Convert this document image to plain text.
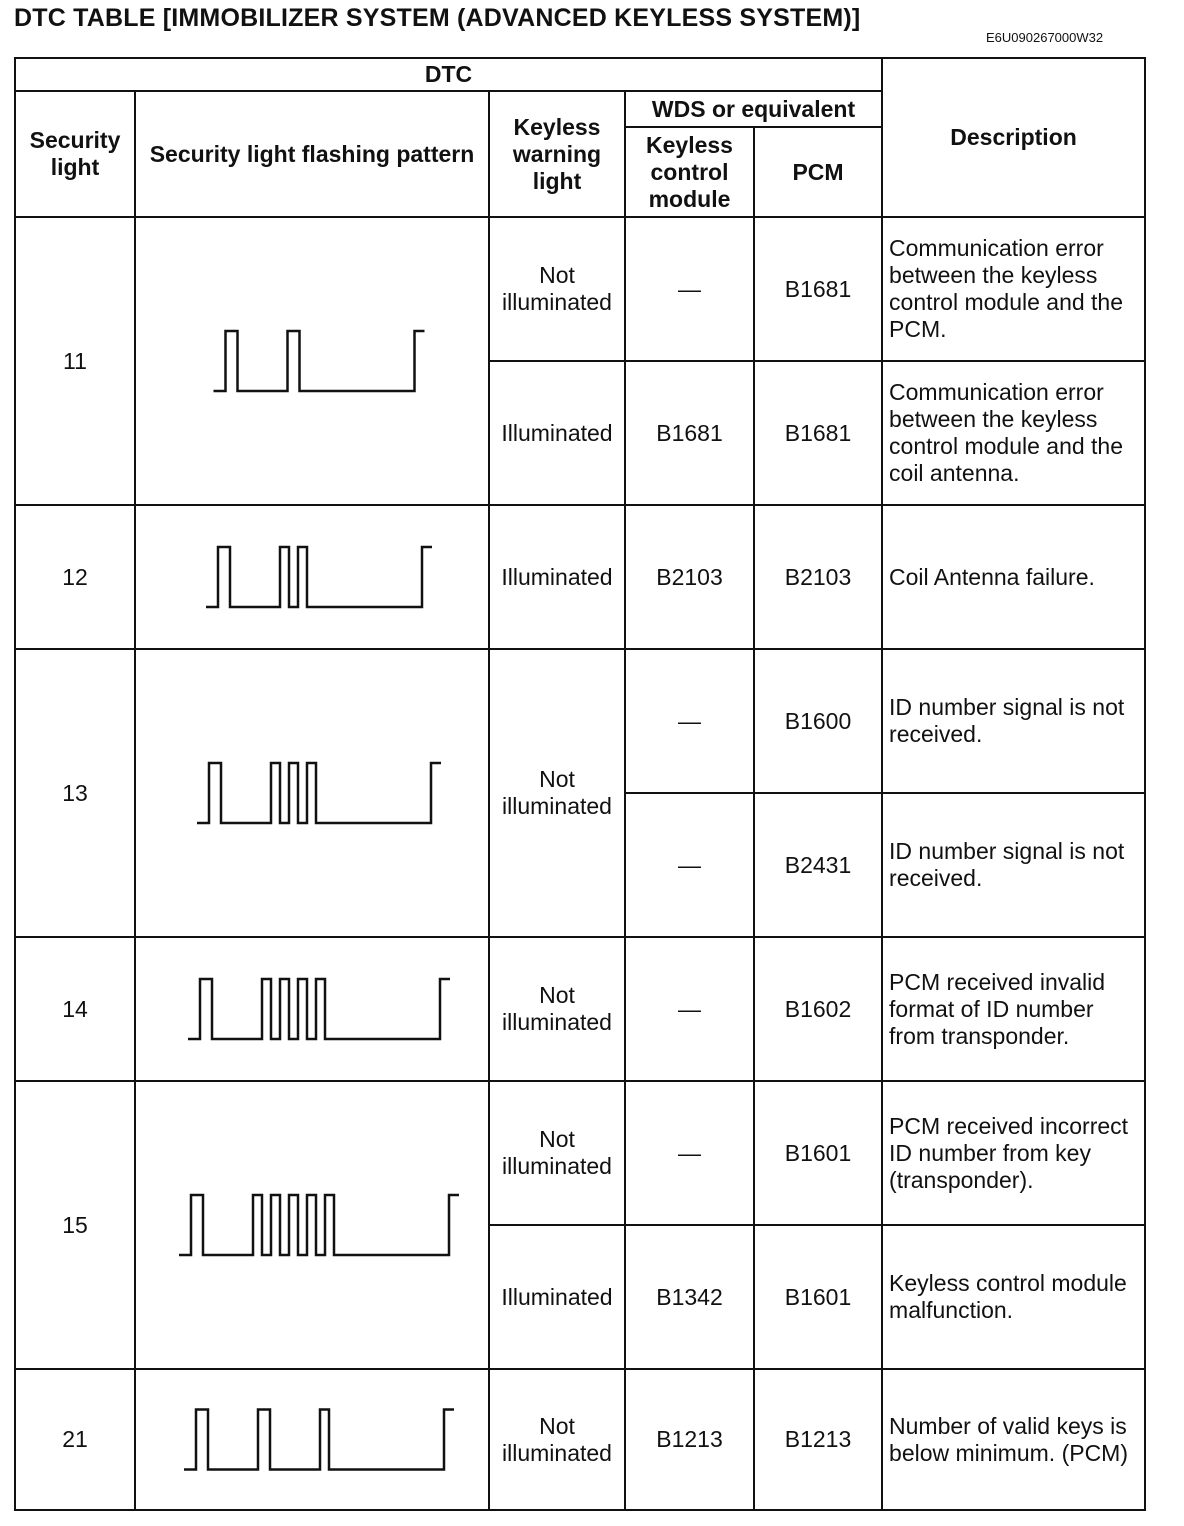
DTC TABLE [IMMOBILIZER SYSTEM (ADVANCED KEYLESS SYSTEM)]
E6U090267000W32
DTC					Description
Security light	Security light flashing pattern	Keyless warning light	WDS or equivalent		
			Keyless control module	PCM	
11		Not illuminated	—	B1681	Communication error between the keyless control module and the PCM.
		Illuminated	B1681	B1681	Communication error between the keyless control module and the coil antenna.
12		Illuminated	B2103	B2103	Coil Antenna failure.
13		Not illuminated	—	B1600	ID number signal is not received.
			—	B2431	ID number signal is not received.
14		Not illuminated	—	B1602	PCM received invalid format of ID number from transponder.
15		Not illuminated	—	B1601	PCM received incorrect ID number from key (transponder).
		Illuminated	B1342	B1601	Keyless control module malfunction.
21		Not illuminated	B1213	B1213	Number of valid keys is below minimum. (PCM)
